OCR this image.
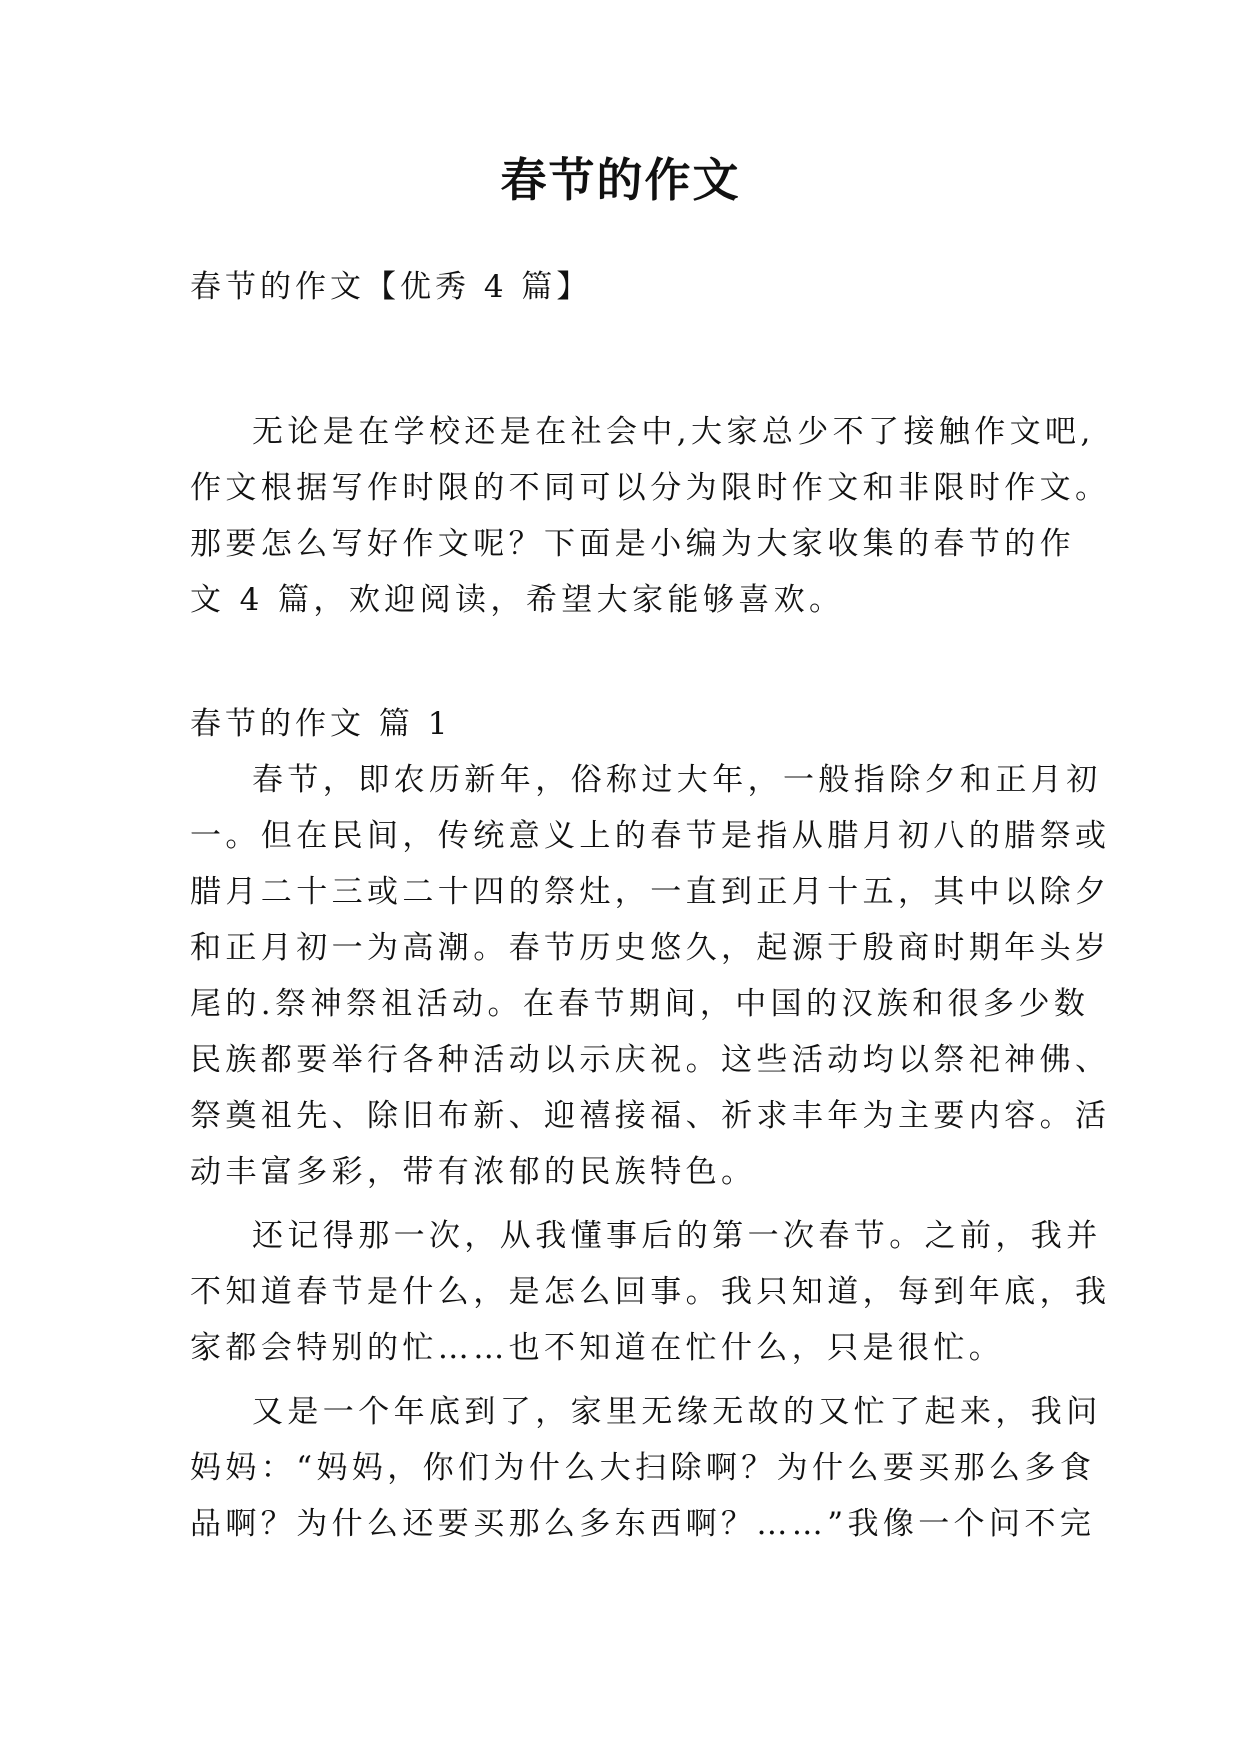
春节的作文

春节的作文【优秀 4 篇】

无论是在学校还是在社会中,大家总少不了接触作文吧,

作文根据写作时限的不同可以分为限时作文和非限时作文。

那要怎么写好作文呢？下面是小编为大家收集的春节的作

文 4 篇，欢迎阅读，希望大家能够喜欢。

春节的作文 篇 1

春节，即农历新年，俗称过大年，一般指除夕和正月初

一。但在民间，传统意义上的春节是指从腊月初八的腊祭或

腊月二十三或二十四的祭灶，一直到正月十五，其中以除夕

和正月初一为高潮。春节历史悠久，起源于殷商时期年头岁

尾的.祭神祭祖活动。在春节期间，中国的汉族和很多少数

民族都要举行各种活动以示庆祝。这些活动均以祭祀神佛、

祭奠祖先、除旧布新、迎禧接福、祈求丰年为主要内容。活

动丰富多彩，带有浓郁的民族特色。

还记得那一次，从我懂事后的第一次春节。之前，我并

不知道春节是什么，是怎么回事。我只知道，每到年底，我

家都会特别的忙……也不知道在忙什么，只是很忙。

又是一个年底到了，家里无缘无故的又忙了起来，我问

妈妈：“妈妈，你们为什么大扫除啊？为什么要买那么多食

品啊？为什么还要买那么多东西啊？……”我像一个问不完
